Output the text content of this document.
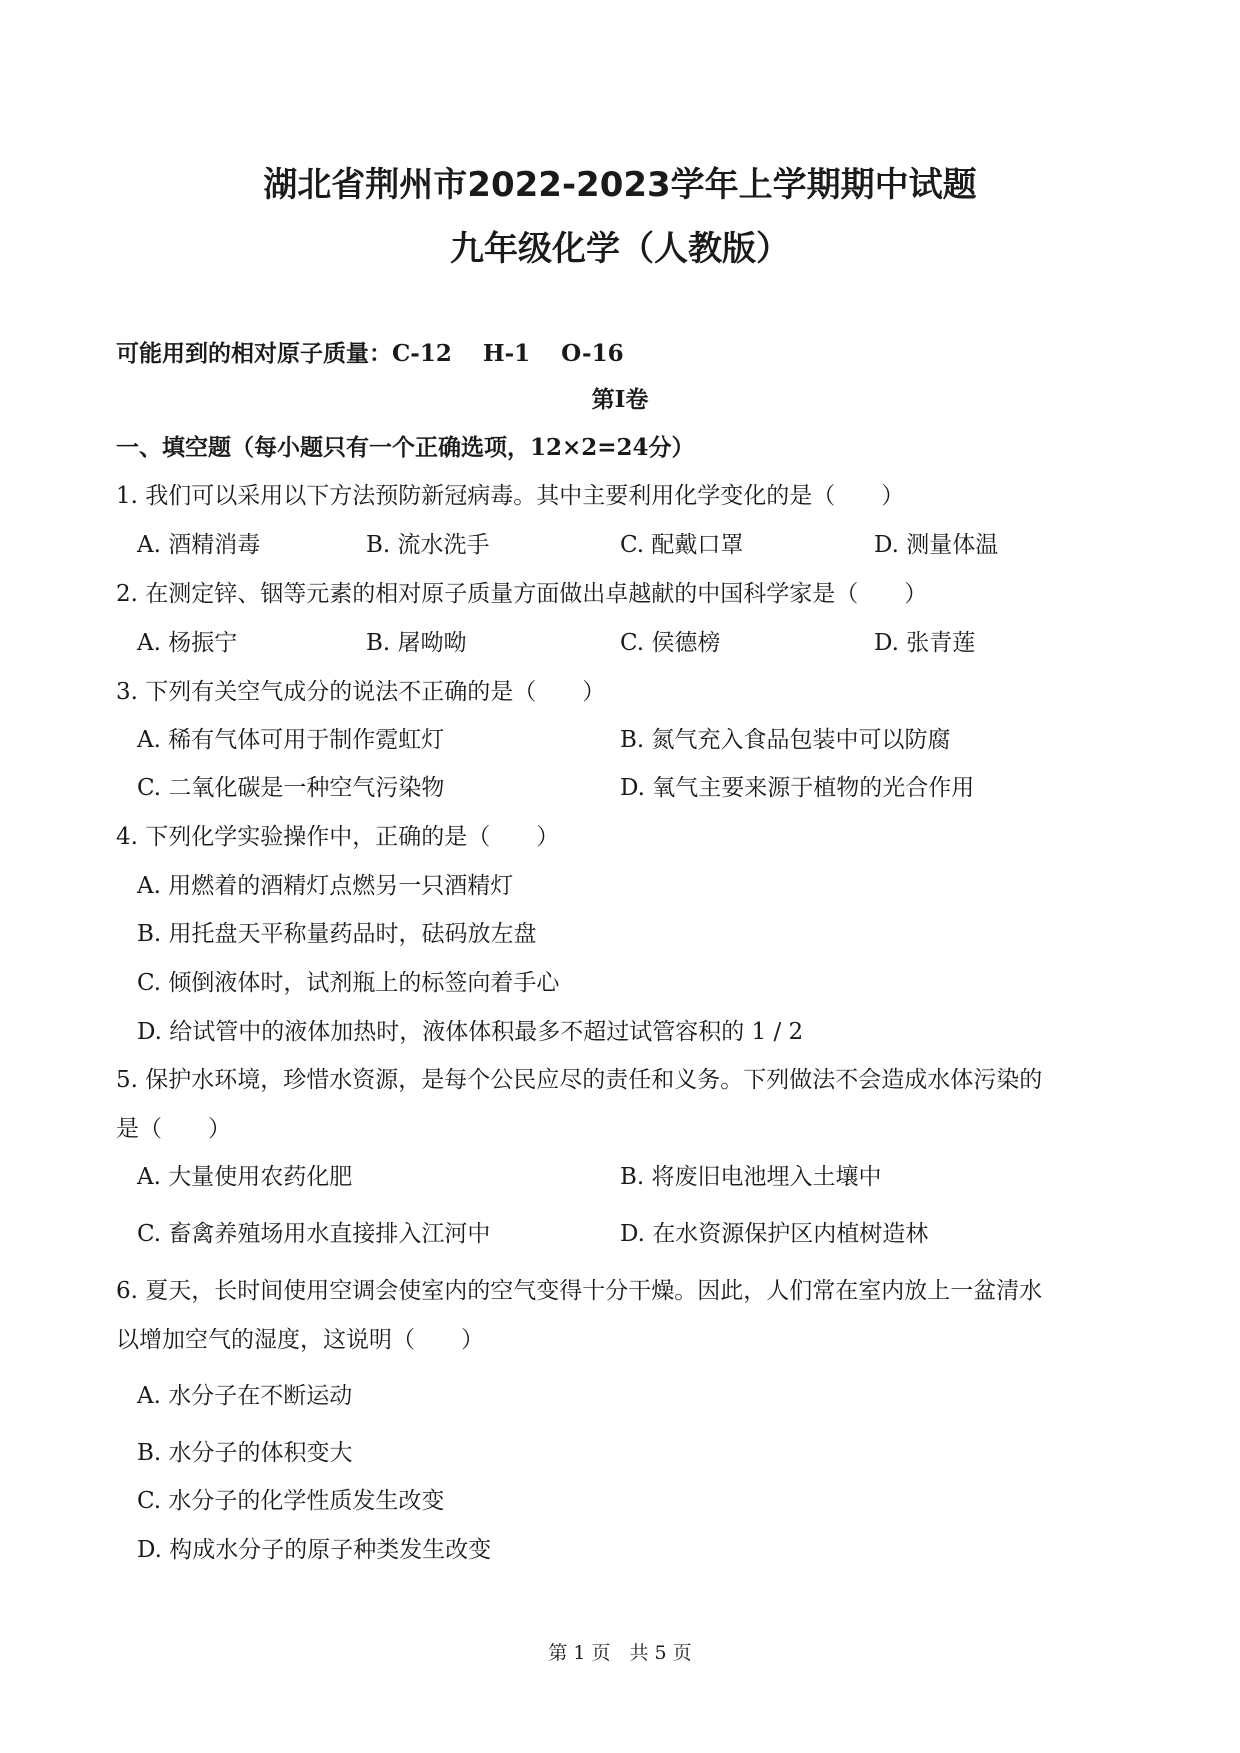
湖北省荆州市2022-2023学年上学期期中试题
九年级化学（人教版）
可能用到的相对原子质量：C-12　 H-1　 O-16
第Ⅰ卷
一、填空题（每小题只有一个正确选项，12×2=24分）
1. 我们可以采用以下方法预防新冠病毒。其中主要利用化学变化的是（　　）
A. 酒精消毒	B. 流水洗手	C. 配戴口罩	D. 测量体温
2. 在测定锌、铟等元素的相对原子质量方面做出卓越献的中国科学家是（　　）
A. 杨振宁	B. 屠呦呦	C. 侯德榜	D. 张青莲
3. 下列有关空气成分的说法不正确的是（　　）
A. 稀有气体可用于制作霓虹灯	B. 氮气充入食品包装中可以防腐
C. 二氧化碳是一种空气污染物	D. 氧气主要来源于植物的光合作用
4. 下列化学实验操作中，正确的是（　　）
A. 用燃着的酒精灯点燃另一只酒精灯
B. 用托盘天平称量药品时，砝码放左盘
C. 倾倒液体时，试剂瓶上的标签向着手心
D. 给试管中的液体加热时，液体体积最多不超过试管容积的 1 / 2
5. 保护水环境，珍惜水资源，是每个公民应尽的责任和义务。下列做法不会造成水体污染的
是（　　）
A. 大量使用农药化肥	B. 将废旧电池埋入土壤中
C. 畜禽养殖场用水直接排入江河中	D. 在水资源保护区内植树造林
6. 夏天，长时间使用空调会使室内的空气变得十分干燥。因此，人们常在室内放上一盆清水
以增加空气的湿度，这说明（　　）
A. 水分子在不断运动
B. 水分子的体积变大
C. 水分子的化学性质发生改变
D. 构成水分子的原子种类发生改变
第 1 页　共 5 页
